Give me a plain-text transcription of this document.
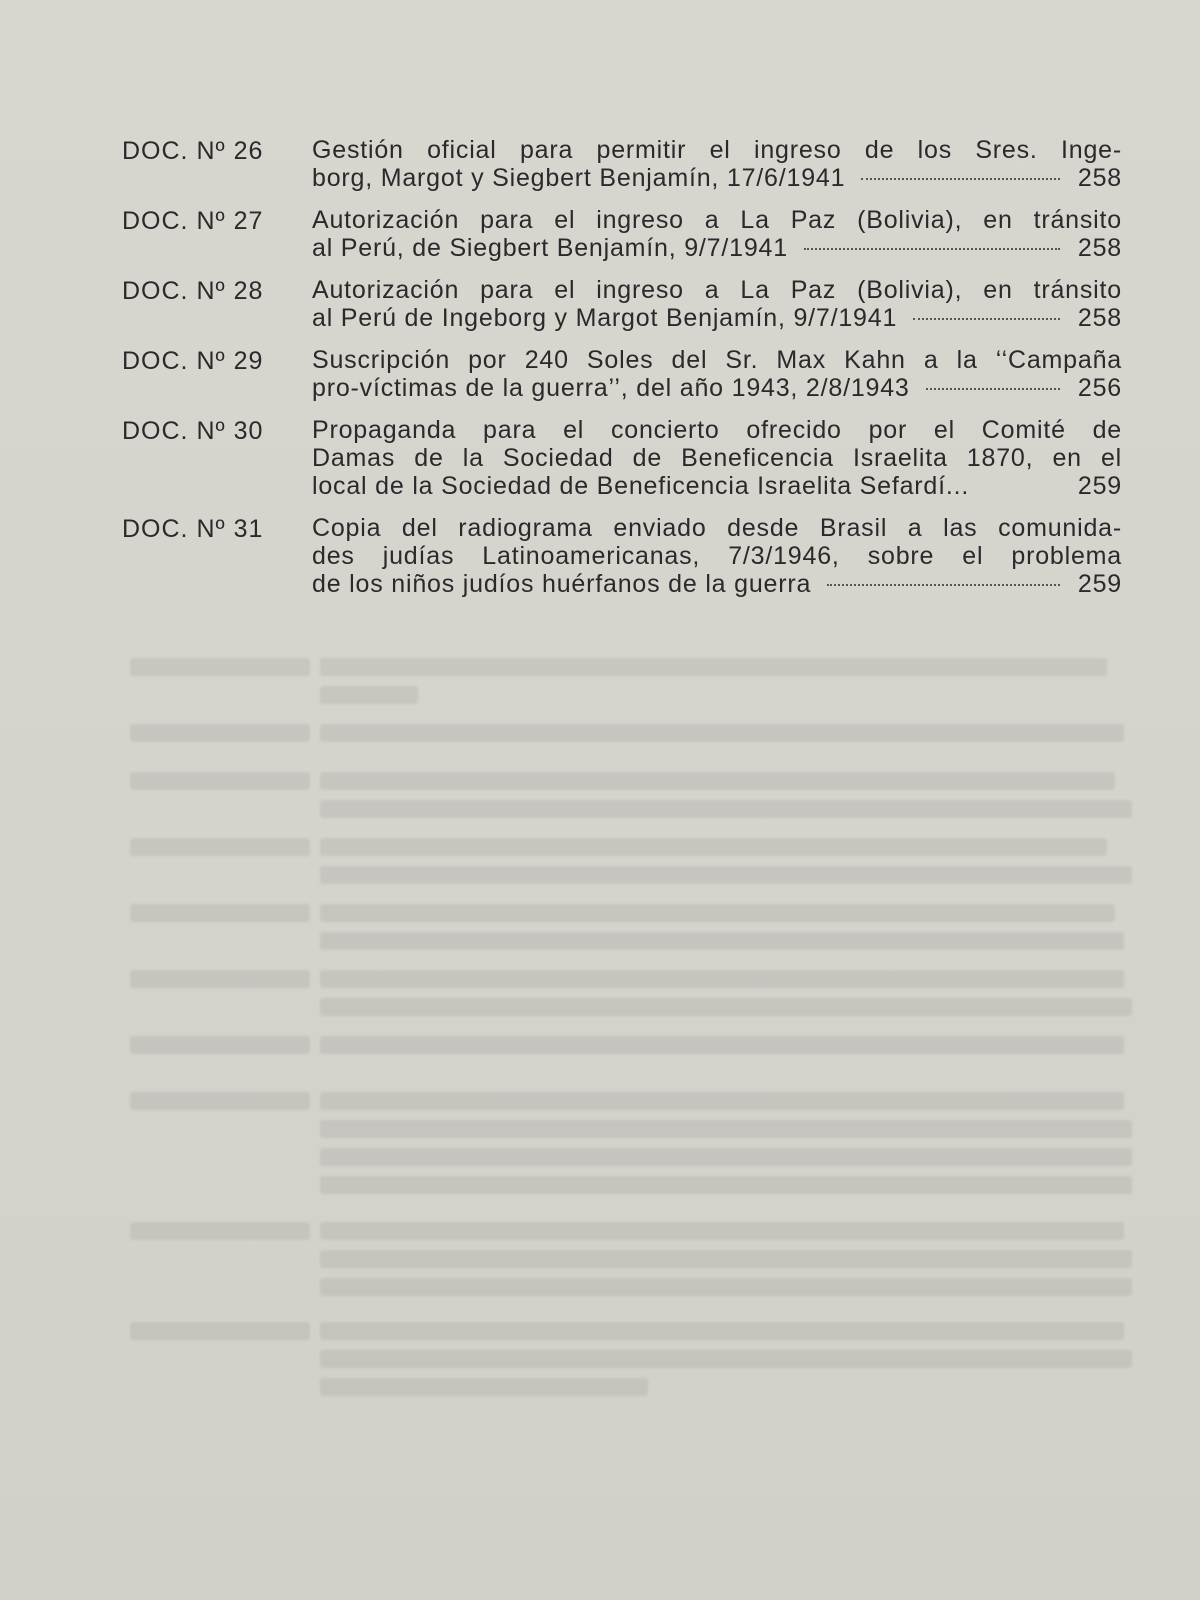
DOC. Nº 26	Gestión oficial para permitir el ingreso de los Sres. Inge-
borg, Margot y Siegbert Benjamín, 17/6/1941	258
DOC. Nº 27	Autorización para el ingreso a La Paz (Bolivia), en tránsito
al Perú, de Siegbert Benjamín, 9/7/1941	258
DOC. Nº 28	Autorización para el ingreso a La Paz (Bolivia), en tránsito
al Perú de Ingeborg y Margot Benjamín, 9/7/1941	258
DOC. Nº 29	Suscripción por 240 Soles del Sr. Max Kahn a la ‘‘Campaña
pro-víctimas de la guerra’’, del año 1943, 2/8/1943	256
DOC. Nº 30	Propaganda para el concierto ofrecido por el Comité de
Damas de la Sociedad de Beneficencia Israelita 1870, en el
local de la Sociedad de Beneficencia Israelita Sefardí...	259
DOC. Nº 31	Copia del radiograma enviado desde Brasil a las comunida-
des judías Latinoamericanas, 7/3/1946, sobre el problema
de los niños judíos huérfanos de la guerra	259
